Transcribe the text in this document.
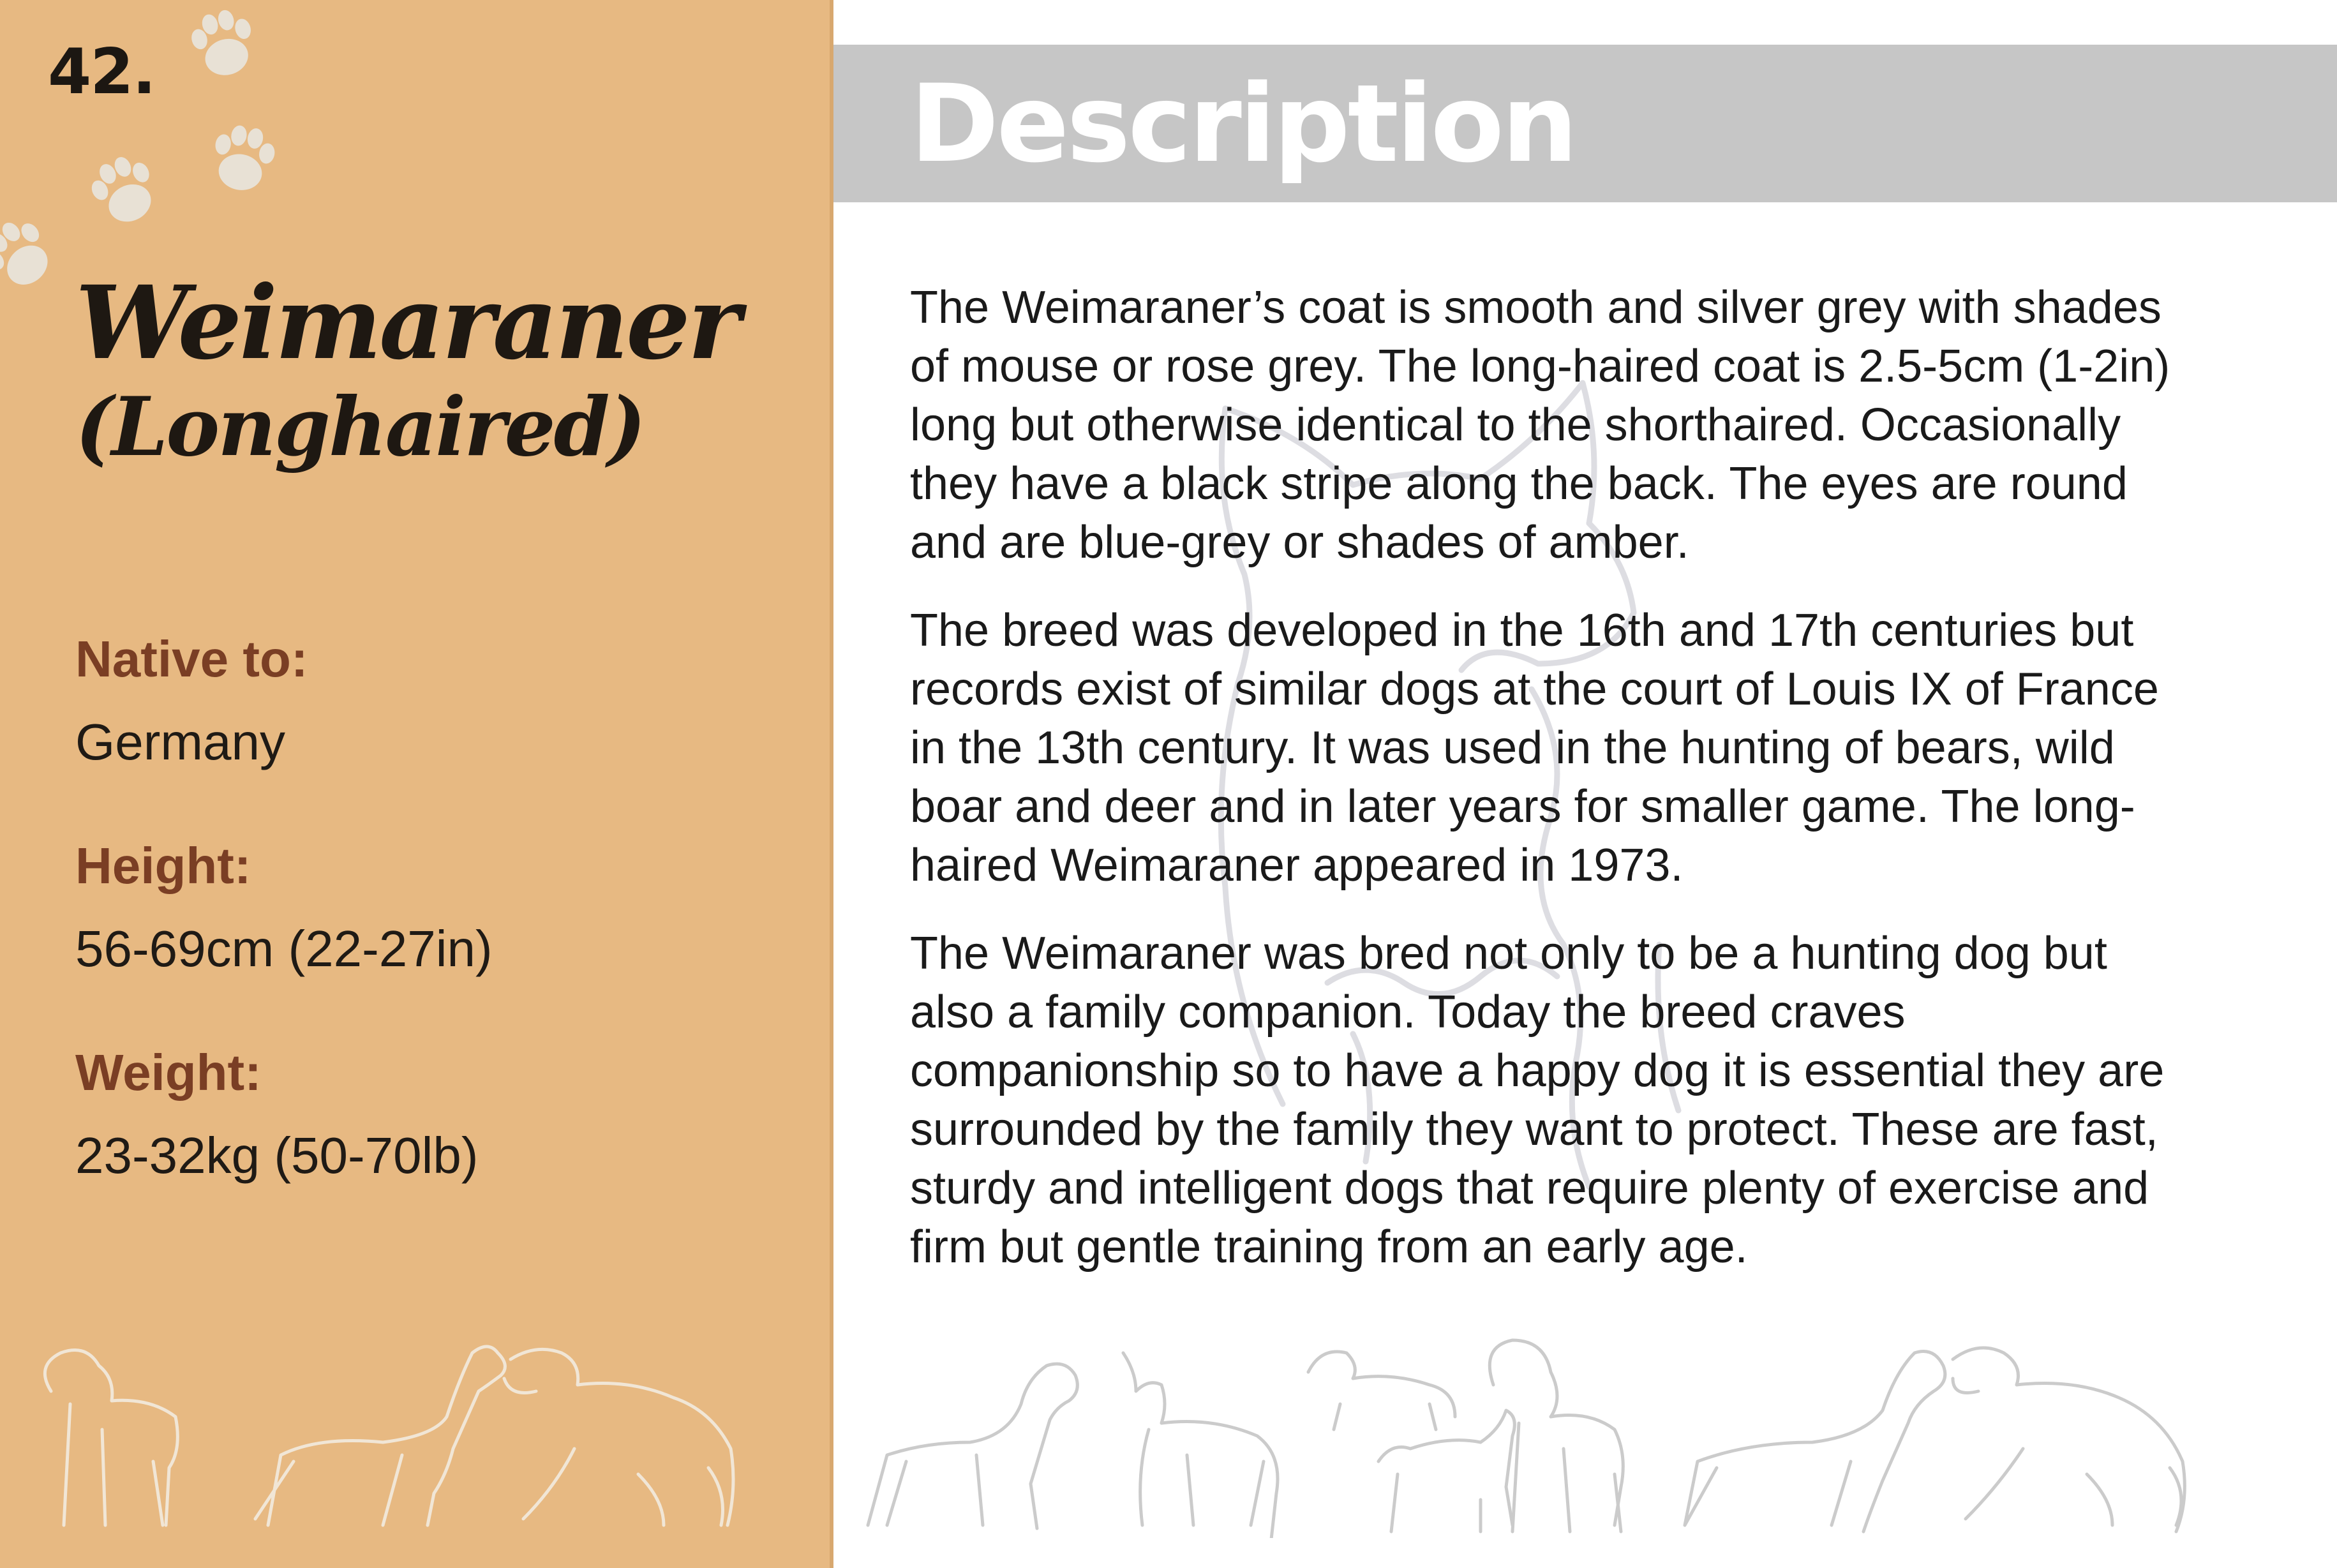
42.
Weimaraner
(Longhaired)
Native to:
Germany
Height:
56-69cm (22-27in)
Weight:
23-32kg (50-70lb)
Description

The Weimaraner’s coat is smooth and silver grey with shades of mouse or rose grey. The long-haired coat is 2.5-5cm (1-2in) long but otherwise identical to the shorthaired. Occasionally they have a black stripe along the back. The eyes are round and are blue-grey or shades of amber.

The breed was developed in the 16th and 17th centuries but records exist of similar dogs at the court of Louis IX of France in the 13th century. It was used in the hunting of bears, wild boar and deer and in later years for smaller game. The long-haired Weimaraner appeared in 1973.

The Weimaraner was bred not only to be a hunting dog but also a family companion. Today the breed craves companionship so to have a happy dog it is essential they are surrounded by the family they want to protect. These are fast, sturdy and intelligent dogs that require plenty of exercise and firm but gentle training from an early age.
